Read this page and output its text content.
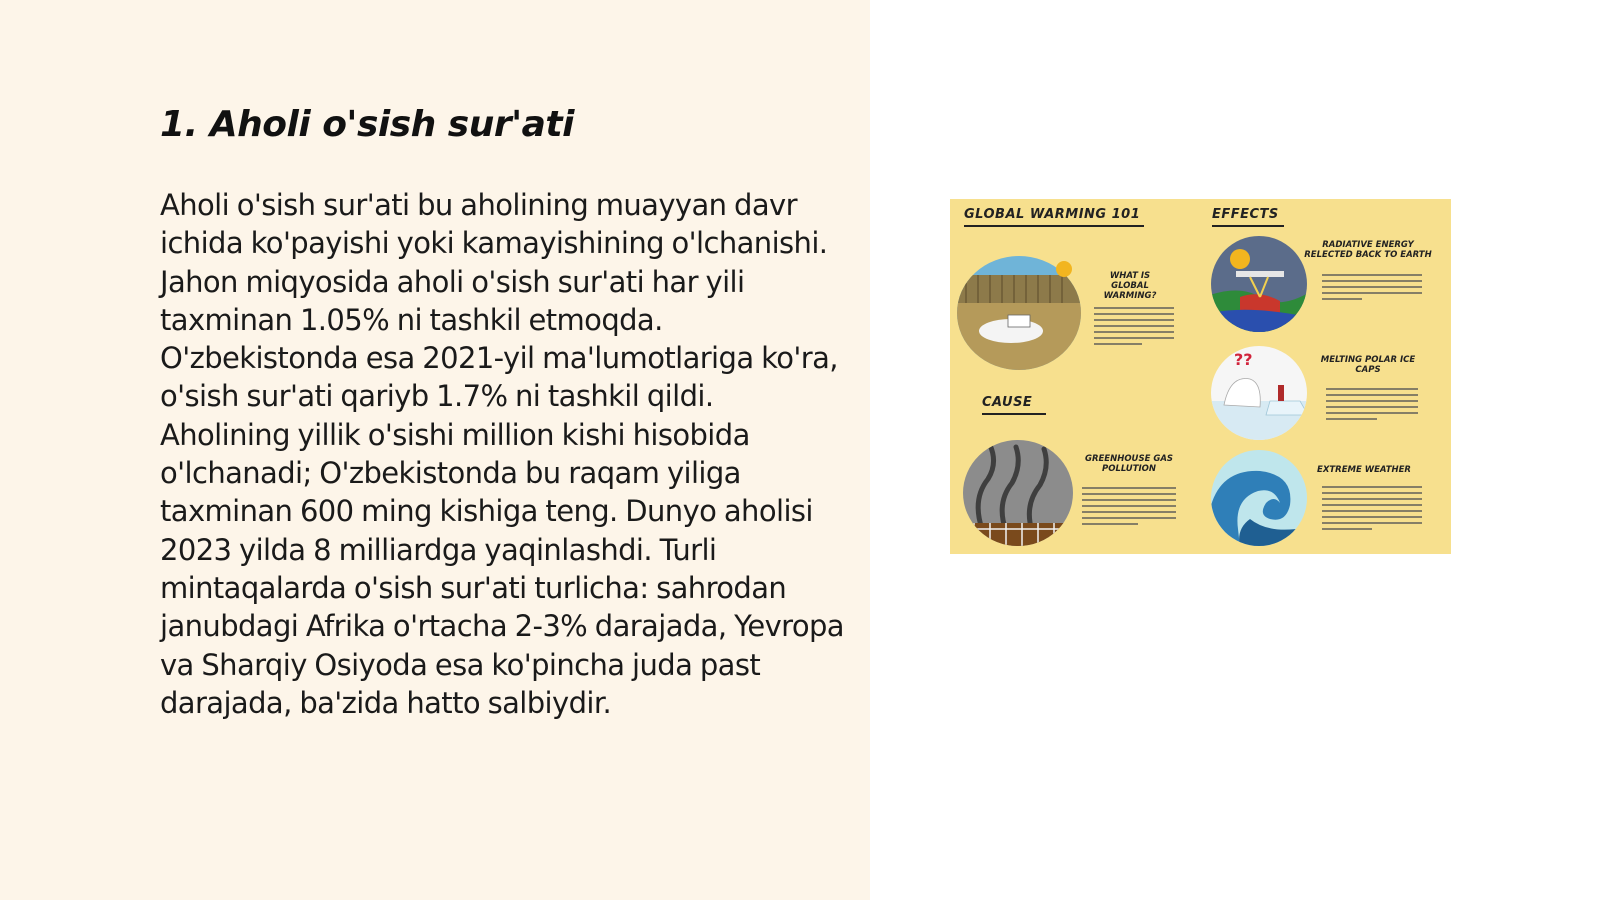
1. Aholi o'sish sur'ati

Aholi o'sish sur'ati bu aholining muayyan davr ichida ko'payishi yoki kamayishining o'lchanishi. Jahon miqyosida aholi o'sish sur'ati har yili taxminan 1.05% ni tashkil etmoqda. O'zbekistonda esa 2021-yil ma'lumotlariga ko'ra, o'sish sur'ati qariyb 1.7% ni tashkil qildi. Aholining yillik o'sishi million kishi hisobida o'lchanadi; O'zbekistonda bu raqam yiliga taxminan 600 ming kishiga teng. Dunyo aholisi 2023 yilda 8 milliardga yaqinlashdi. Turli mintaqalarda o'sish sur'ati turlicha: sahrodan janubdagi Afrika o'rtacha 2-3% darajada, Yevropa va Sharqiy Osiyoda esa ko'pincha juda past darajada, ba'zida hatto salbiydir.

GLOBAL WARMING 101	EFFECTS
CAUSE
WHAT IS GLOBAL WARMING?
RADIATIVE ENERGY RELECTED BACK TO EARTH
??	MELTING POLAR ICE CAPS
GREENHOUSE GAS POLLUTION	EXTREME WEATHER
